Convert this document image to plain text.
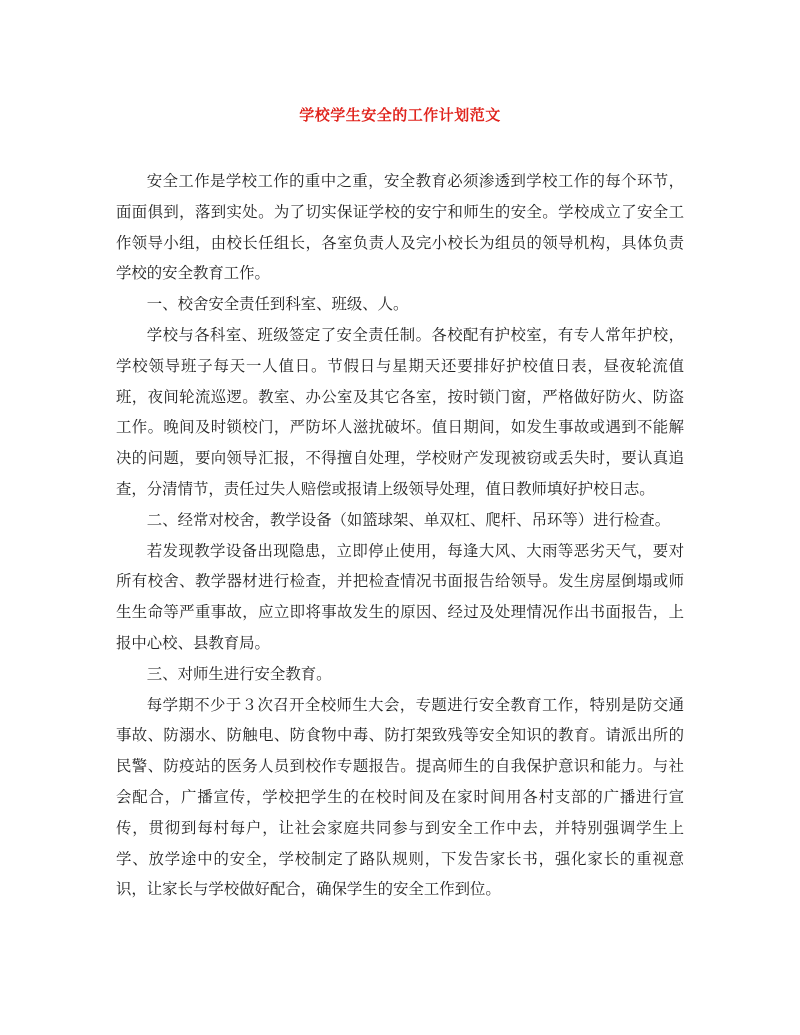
学校学生安全的工作计划范文

安全工作是学校工作的重中之重，安全教育必须渗透到学校工作的每个环节，面面俱到，落到实处。为了切实保证学校的安宁和师生的安全。学校成立了安全工作领导小组，由校长任组长，各室负责人及完小校长为组员的领导机构，具体负责学校的安全教育工作。

一、校舍安全责任到科室、班级、人。

学校与各科室、班级签定了安全责任制。各校配有护校室，有专人常年护校，学校领导班子每天一人值日。节假日与星期天还要排好护校值日表，昼夜轮流值班，夜间轮流巡逻。教室、办公室及其它各室，按时锁门窗，严格做好防火、防盗工作。晚间及时锁校门，严防坏人滋扰破坏。值日期间，如发生事故或遇到不能解决的问题，要向领导汇报，不得擅自处理，学校财产发现被窃或丢失时，要认真追查，分清情节，责任过失人赔偿或报请上级领导处理，值日教师填好护校日志。

二、经常对校舍，教学设备（如篮球架、单双杠、爬杆、吊环等）进行检查。

若发现教学设备出现隐患，立即停止使用，每逢大风、大雨等恶劣天气，要对所有校舍、教学器材进行检查，并把检查情况书面报告给领导。发生房屋倒塌或师生生命等严重事故，应立即将事故发生的原因、经过及处理情况作出书面报告，上报中心校、县教育局。

三、对师生进行安全教育。

每学期不少于３次召开全校师生大会，专题进行安全教育工作，特别是防交通事故、防溺水、防触电、防食物中毒、防打架致残等安全知识的教育。请派出所的民警、防疫站的医务人员到校作专题报告。提高师生的自我保护意识和能力。与社会配合，广播宣传，学校把学生的在校时间及在家时间用各村支部的广播进行宣传，贯彻到每村每户，让社会家庭共同参与到安全工作中去，并特别强调学生上学、放学途中的安全，学校制定了路队规则，下发告家长书，强化家长的重视意识，让家长与学校做好配合，确保学生的安全工作到位。
